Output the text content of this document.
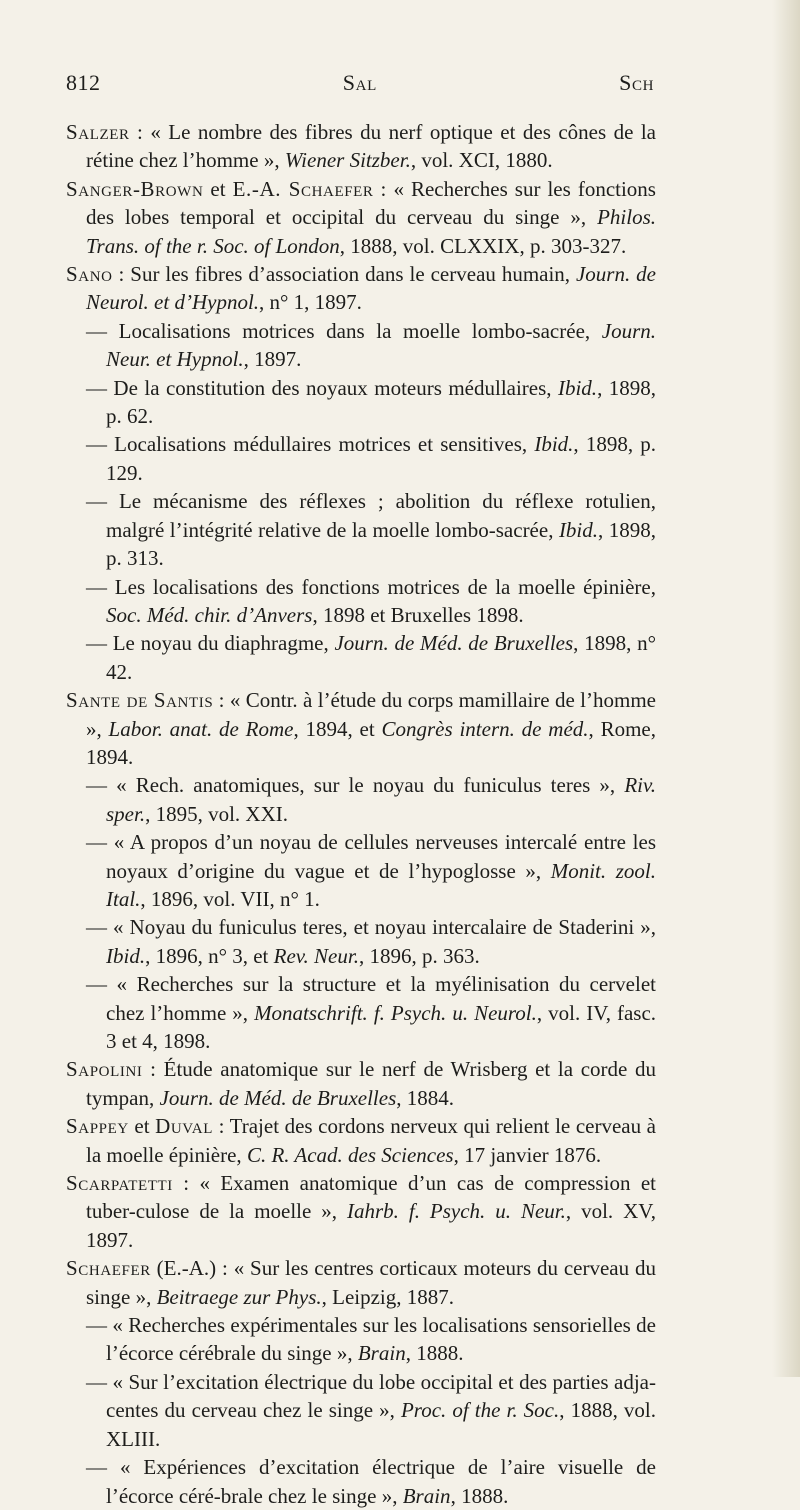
812	Sal	Sch

Salzer : « Le nombre des fibres du nerf optique et des cônes de la rétine chez l’homme », Wiener Sitzber., vol. XCI, 1880.

Sanger-Brown et E.-A. Schaefer : « Recherches sur les fonctions des lobes temporal et occipital du cerveau du singe », Philos. Trans. of the r. Soc. of London, 1888, vol. CLXXIX, p. 303-327.

Sano : Sur les fibres d’association dans le cerveau humain, Journ. de Neurol. et d’Hypnol., n° 1, 1897.

— Localisations motrices dans la moelle lombo-sacrée, Journ. Neur. et Hypnol., 1897.

— De la constitution des noyaux moteurs médullaires, Ibid., 1898, p. 62.

— Localisations médullaires motrices et sensitives, Ibid., 1898, p. 129.

— Le mécanisme des réflexes ; abolition du réflexe rotulien, malgré l’intégrité relative de la moelle lombo-sacrée, Ibid., 1898, p. 313.

— Les localisations des fonctions motrices de la moelle épinière, Soc. Méd. chir. d’Anvers, 1898 et Bruxelles 1898.

— Le noyau du diaphragme, Journ. de Méd. de Bruxelles, 1898, n° 42.

Sante de Santis : « Contr. à l’étude du corps mamillaire de l’homme », Labor. anat. de Rome, 1894, et Congrès intern. de méd., Rome, 1894.

— « Rech. anatomiques, sur le noyau du funiculus teres », Riv. sper., 1895, vol. XXI.

— « A propos d’un noyau de cellules nerveuses intercalé entre les noyaux d’origine du vague et de l’hypoglosse », Monit. zool. Ital., 1896, vol. VII, n° 1.

— « Noyau du funiculus teres, et noyau intercalaire de Staderini », Ibid., 1896, n° 3, et Rev. Neur., 1896, p. 363.

— « Recherches sur la structure et la myélinisation du cervelet chez l’homme », Monatschrift. f. Psych. u. Neurol., vol. IV, fasc. 3 et 4, 1898.

Sapolini : Étude anatomique sur le nerf de Wrisberg et la corde du tympan, Journ. de Méd. de Bruxelles, 1884.

Sappey et Duval : Trajet des cordons nerveux qui relient le cerveau à la moelle épinière, C. R. Acad. des Sciences, 17 janvier 1876.

Scarpatetti : « Examen anatomique d’un cas de compression et tuber-culose de la moelle », Iahrb. f. Psych. u. Neur., vol. XV, 1897.

Schaefer (E.-A.) : « Sur les centres corticaux moteurs du cerveau du singe », Beitraege zur Phys., Leipzig, 1887.

— « Recherches expérimentales sur les localisations sensorielles de l’écorce cérébrale du singe », Brain, 1888.

— « Sur l’excitation électrique du lobe occipital et des parties adja-centes du cerveau chez le singe », Proc. of the r. Soc., 1888, vol. XLIII.

— « Expériences d’excitation électrique de l’aire visuelle de l’écorce céré-brale chez le singe », Brain, 1888.
